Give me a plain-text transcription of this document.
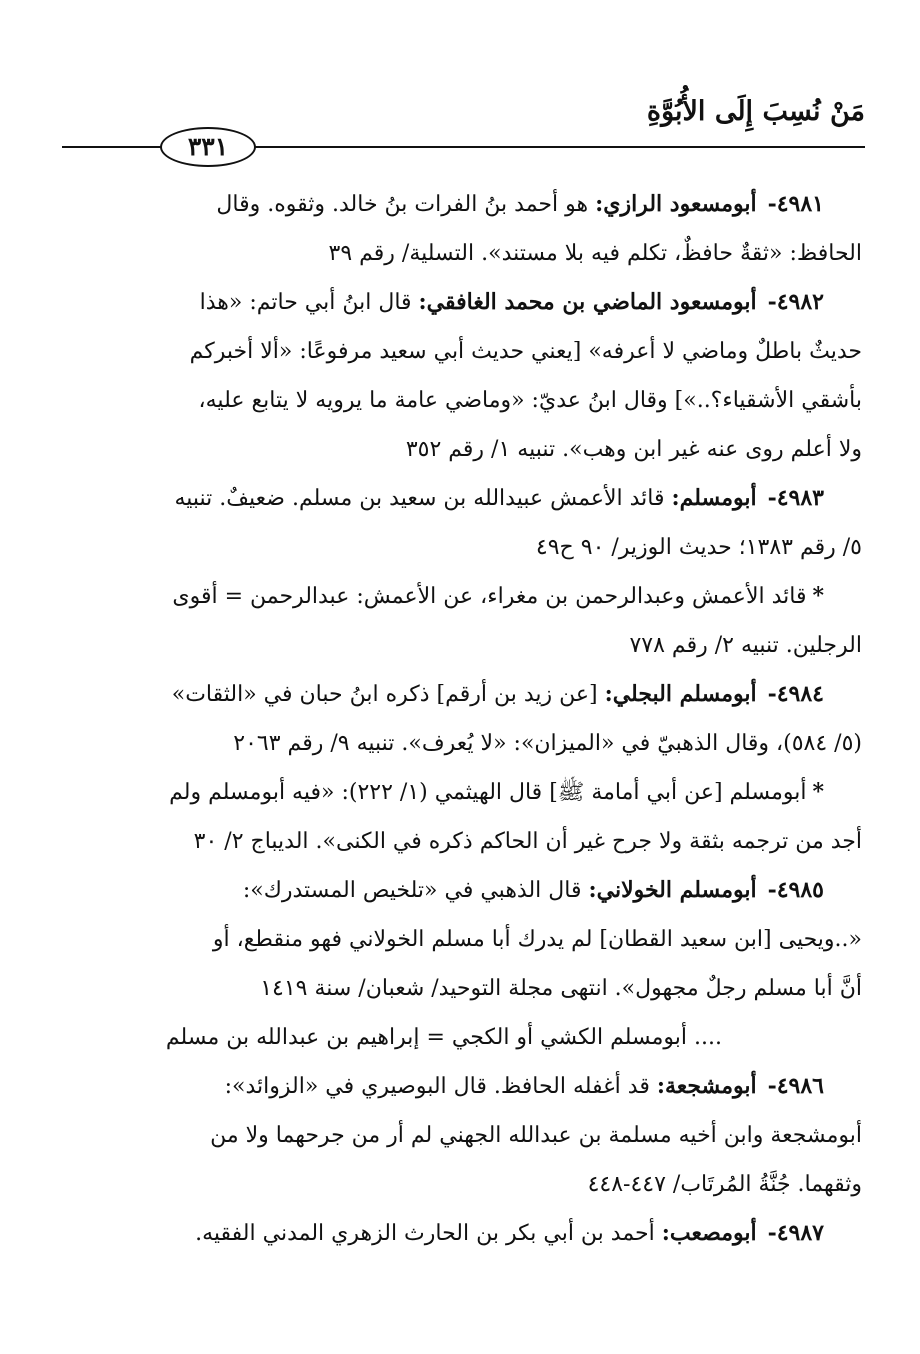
مَنْ نُسِبَ إِلَى الأُبُوَّةِ
٣٣١
٤٩٨١- أبومسعود الرازي: هو أحمد بنُ الفرات بنُ خالد. وثقوه. وقال
الحافظ: «ثقةٌ حافظٌ، تكلم فيه بلا مستند». التسلية/ رقم ٣٩
٤٩٨٢- أبومسعود الماضي بن محمد الغافقي: قال ابنُ أبي حاتم: «هذا
حديثٌ باطلٌ وماضي لا أعرفه» [يعني حديث أبي سعيد مرفوعًا: «ألا أخبركم
بأشقي الأشقياء؟..»] وقال ابنُ عديّ: «وماضي عامة ما يرويه لا يتابع عليه،
ولا أعلم روى عنه غير ابن وهب». تنبيه ١/ رقم ٣٥٢
٤٩٨٣- أبومسلم: قائد الأعمش عبيدالله بن سعيد بن مسلم. ضعيفٌ. تنبيه
٥/ رقم ١٣٨٣؛ حديث الوزير/ ٩٠ ح٤٩
*قائد الأعمش وعبدالرحمن بن مغراء، عن الأعمش: عبدالرحمن = أقوى
الرجلين. تنبيه ٢/ رقم ٧٧٨
٤٩٨٤- أبومسلم البجلي: [عن زيد بن أرقم] ذكره ابنُ حبان في «الثقات»
(٥/ ٥٨٤)، وقال الذهبيّ في «الميزان»: «لا يُعرف». تنبيه ٩/ رقم ٢٠٦٣
*أبومسلم [عن أبي أمامة ﷺ] قال الهيثمي (١/ ٢٢٢): «فيه أبومسلم ولم
أجد من ترجمه بثقة ولا جرح غير أن الحاكم ذكره في الكنى». الديباج ٢/ ٣٠
٤٩٨٥- أبومسلم الخولاني: قال الذهبي في «تلخيص المستدرك»:
«..ويحيى [ابن سعيد القطان] لم يدرك أبا مسلم الخولاني فهو منقطع، أو
أنَّ أبا مسلم رجلٌ مجهول». انتهى مجلة التوحيد/ شعبان/ سنة ١٤١٩
.... أبومسلم الكشي أو الكجي = إبراهيم بن عبدالله بن مسلم
٤٩٨٦- أبومشجعة: قد أغفله الحافظ. قال البوصيري في «الزوائد»:
أبومشجعة وابن أخيه مسلمة بن عبدالله الجهني لم أر من جرحهما ولا من
وثقهما. جُنَّةُ المُرتَاب/ ٤٤٧-٤٤٨
٤٩٨٧- أبومصعب: أحمد بن أبي بكر بن الحارث الزهري المدني الفقيه.
